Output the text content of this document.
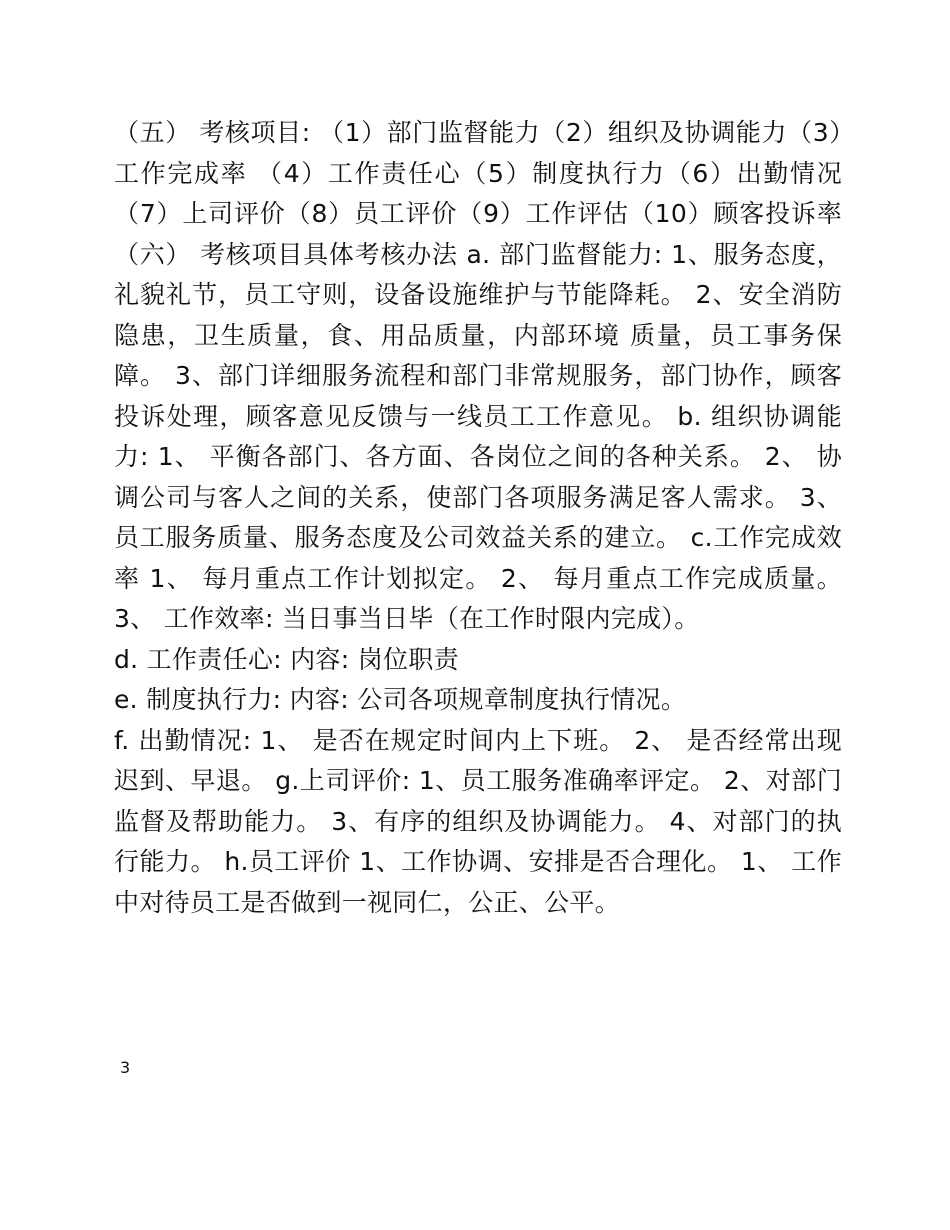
（五） 考核项目: （1）部门监督能力（2）组织及协调能力（3）工作完成率 （4）工作责任心（5）制度执行力（6）出勤情况（7）上司评价（8）员工评价（9）工作评估（10）顾客投诉率 （六） 考核项目具体考核办法 a. 部门监督能力: 1、服务态度，礼貌礼节，员工守则，设备设施维护与节能降耗。 2、安全消防隐患，卫生质量，食、用品质量，内部环境 质量，员工事务保障。 3、部门详细服务流程和部门非常规服务，部门协作，顾客投诉处理，顾客意见反馈与一线员工工作意见。 b. 组织协调能力: 1、 平衡各部门、各方面、各岗位之间的各种关系。 2、 协调公司与客人之间的关系，使部门各项服务满足客人需求。 3、 员工服务质量、服务态度及公司效益关系的建立。 c.工作完成效率 1、 每月重点工作计划拟定。 2、 每月重点工作完成质量。 3、 工作效率: 当日事当日毕（在工作时限内完成）。

d. 工作责任心: 内容: 岗位职责

e. 制度执行力: 内容: 公司各项规章制度执行情况。

f. 出勤情况: 1、 是否在规定时间内上下班。 2、 是否经常出现迟到、早退。 g.上司评价: 1、员工服务准确率评定。 2、对部门监督及帮助能力。 3、有序的组织及协调能力。 4、对部门的执行能力。 h.员工评价 1、工作协调、安排是否合理化。 1、 工作中对待员工是否做到一视同仁，公正、公平。

3
